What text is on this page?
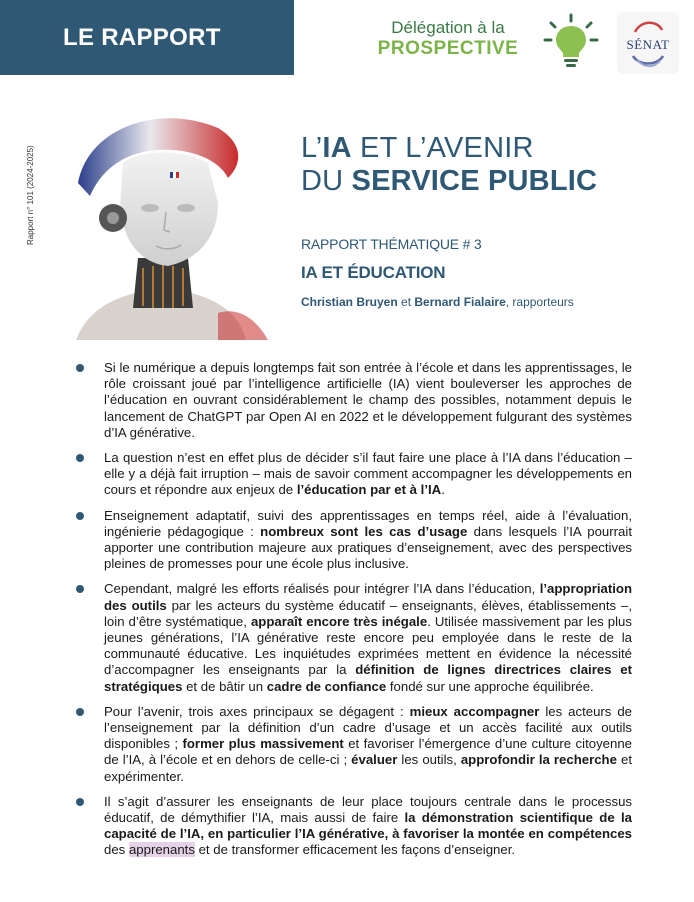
LE RAPPORT	Délégation à la
PROSPECTIVE	SÉNAT
Rapport n° 101 (2024-2025)	L’IA ET L’AVENIR
DU SERVICE PUBLIC
RAPPORT THÉMATIQUE # 3
IA ET ÉDUCATION
Christian Bruyen et Bernard Fialaire, rapporteurs
Si le numérique a depuis longtemps fait son entrée à l’école et dans les apprentissages, le rôle croissant joué par l’intelligence artificielle (IA) vient bouleverser les approches de l’éducation en ouvrant considérablement le champ des possibles, notamment depuis le lancement de ChatGPT par Open AI en 2022 et le développement fulgurant des systèmes d’IA générative.
La question n’est en effet plus de décider s’il faut faire une place à l’IA dans l’éducation – elle y a déjà fait irruption – mais de savoir comment accompagner les développements en cours et répondre aux enjeux de l’éducation par et à l’IA.
Enseignement adaptatif, suivi des apprentissages en temps réel, aide à l’évaluation, ingénierie pédagogique : nombreux sont les cas d’usage dans lesquels l’IA pourrait apporter une contribution majeure aux pratiques d’enseignement, avec des perspectives pleines de promesses pour une école plus inclusive.
Cependant, malgré les efforts réalisés pour intégrer l’IA dans l’éducation, l’appropriation des outils par les acteurs du système éducatif – enseignants, élèves, établissements –, loin d’être systématique, apparaît encore très inégale. Utilisée massivement par les plus jeunes générations, l’IA générative reste encore peu employée dans le reste de la communauté éducative. Les inquiétudes exprimées mettent en évidence la nécessité d’accompagner les enseignants par la définition de lignes directrices claires et stratégiques et de bâtir un cadre de confiance fondé sur une approche équilibrée.
Pour l’avenir, trois axes principaux se dégagent : mieux accompagner les acteurs de l’enseignement par la définition d’un cadre d’usage et un accès facilité aux outils disponibles ; former plus massivement et favoriser l’émergence d’une culture citoyenne de l’IA, à l’école et en dehors de celle-ci ; évaluer les outils, approfondir la recherche et expérimenter.
Il s’agit d’assurer les enseignants de leur place toujours centrale dans le processus éducatif, de démythifier l’IA, mais aussi de faire la démonstration scientifique de la capacité de l’IA, en particulier l’IA générative, à favoriser la montée en compétences des apprenants et de transformer efficacement les façons d’enseigner.
